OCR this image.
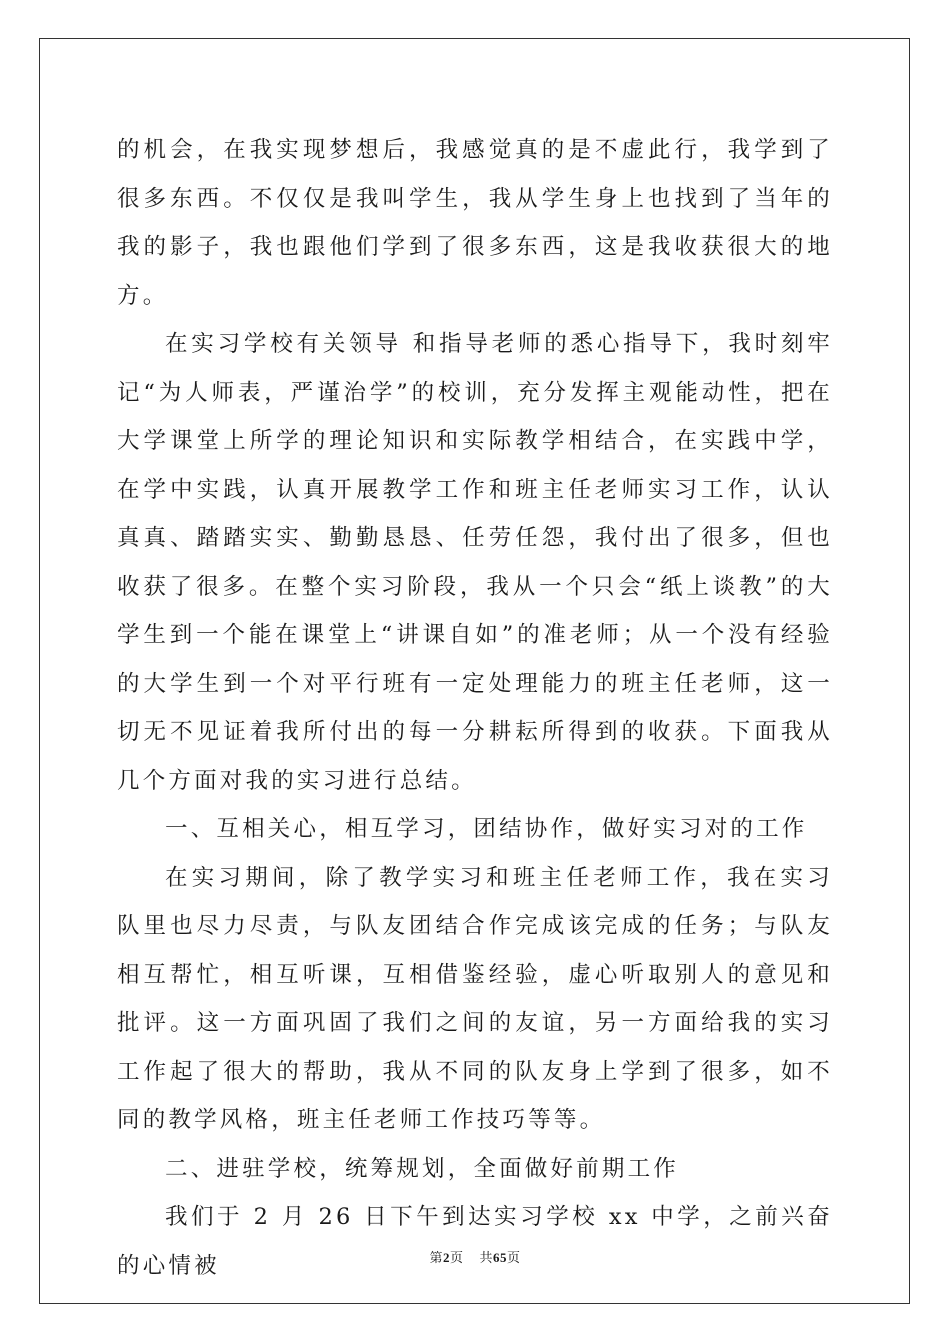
的机会，在我实现梦想后，我感觉真的是不虚此行，我学到了很多东西。不仅仅是我叫学生，我从学生身上也找到了当年的我的影子，我也跟他们学到了很多东西，这是我收获很大的地方。

在实习学校有关领导 和指导老师的悉心指导下，我时刻牢记“为人师表，严谨治学”的校训，充分发挥主观能动性，把在大学课堂上所学的理论知识和实际教学相结合，在实践中学，在学中实践，认真开展教学工作和班主任老师实习工作，认认真真、踏踏实实、勤勤恳恳、任劳任怨，我付出了很多，但也收获了很多。在整个实习阶段，我从一个只会“纸上谈教”的大学生到一个能在课堂上“讲课自如”的准老师；从一个没有经验的大学生到一个对平行班有一定处理能力的班主任老师，这一切无不见证着我所付出的每一分耕耘所得到的收获。下面我从几个方面对我的实习进行总结。

一、互相关心，相互学习，团结协作，做好实习对的工作

在实习期间，除了教学实习和班主任老师工作，我在实习队里也尽力尽责，与队友团结合作完成该完成的任务；与队友相互帮忙，相互听课，互相借鉴经验，虚心听取别人的意见和批评。这一方面巩固了我们之间的友谊，另一方面给我的实习工作起了很大的帮助，我从不同的队友身上学到了很多，如不同的教学风格，班主任老师工作技巧等等。

二、进驻学校，统筹规划，全面做好前期工作

我们于 2 月 26 日下午到达实习学校 xx 中学，之前兴奋的心情被	第2页 共65页
